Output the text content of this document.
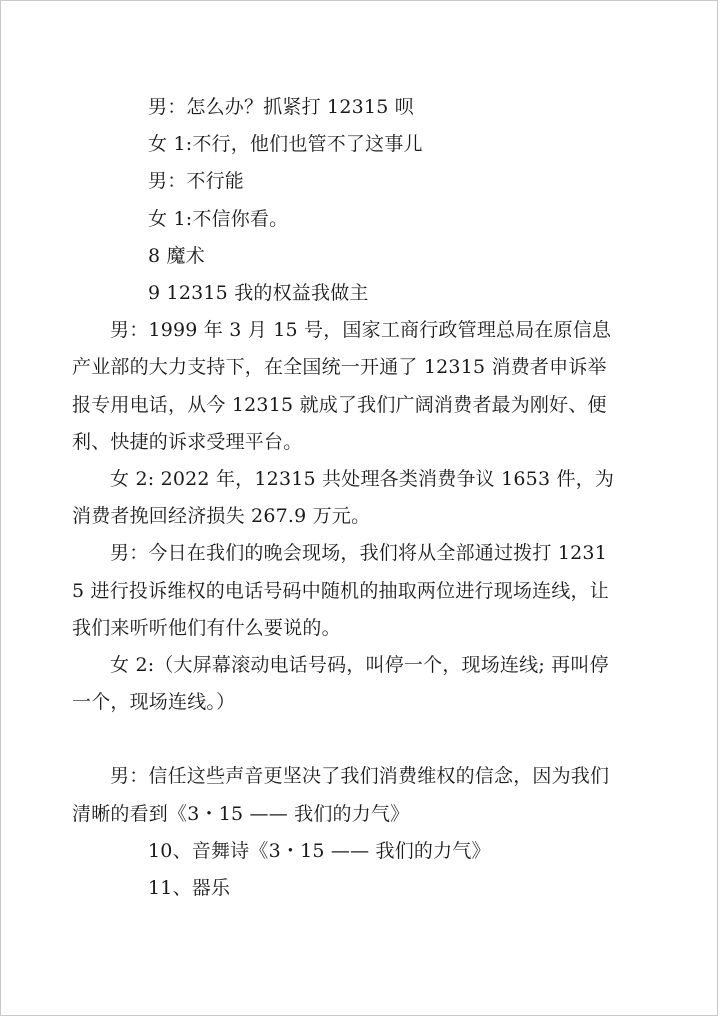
男：怎么办？抓紧打 12315 呗

女 1:不行，他们也管不了这事儿

男：不行能

女 1:不信你看。

8 魔术

9 12315 我的权益我做主

男：1999 年 3 月 15 号，国家工商行政管理总局在原信息产业部的大力支持下，在全国统一开通了 12315 消费者申诉举报专用电话，从今 12315 就成了我们广阔消费者最为刚好、便利、快捷的诉求受理平台。

女 2: 2022 年，12315 共处理各类消费争议 1653 件，为消费者挽回经济损失 267.9 万元。

男：今日在我们的晚会现场，我们将从全部通过拨打 12315 进行投诉维权的电话号码中随机的抽取两位进行现场连线，让我们来听听他们有什么要说的。

女 2:（大屏幕滚动电话号码，叫停一个，现场连线; 再叫停一个，现场连线。）

男：信任这些声音更坚决了我们消费维权的信念，因为我们清晰的看到《3・15 —— 我们的力气》

10、音舞诗《3・15 —— 我们的力气》

11、器乐
